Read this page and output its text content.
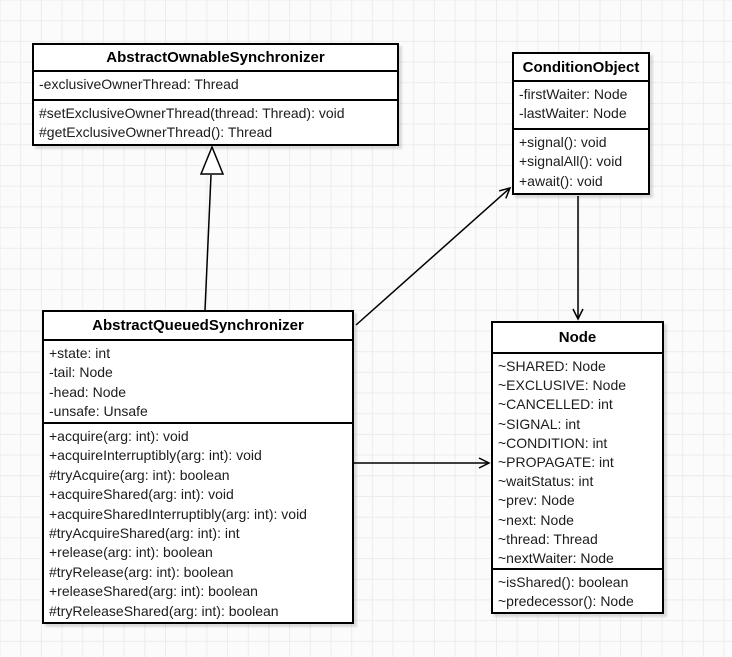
AbstractOwnableSynchronizer
-exclusiveOwnerThread: Thread
#setExclusiveOwnerThread(thread: Thread): void
#getExclusiveOwnerThread(): Thread
ConditionObject
-firstWaiter: Node
-lastWaiter: Node
+signal(): void
+signalAll(): void
+await(): void
AbstractQueuedSynchronizer
+state: int
-tail: Node
-head: Node
-unsafe: Unsafe
+acquire(arg: int): void
+acquireInterruptibly(arg: int): void
#tryAcquire(arg: int): boolean
+acquireShared(arg: int): void
+acquireSharedInterruptibly(arg: int): void
#tryAcquireShared(arg: int): int
+release(arg: int): boolean
#tryRelease(arg: int): boolean
+releaseShared(arg: int): boolean
#tryReleaseShared(arg: int): boolean
Node
~SHARED: Node
~EXCLUSIVE: Node
~CANCELLED: int
~SIGNAL: int
~CONDITION: int
~PROPAGATE: int
~waitStatus: int
~prev: Node
~next: Node
~thread: Thread
~nextWaiter: Node
~isShared(): boolean
~predecessor(): Node
